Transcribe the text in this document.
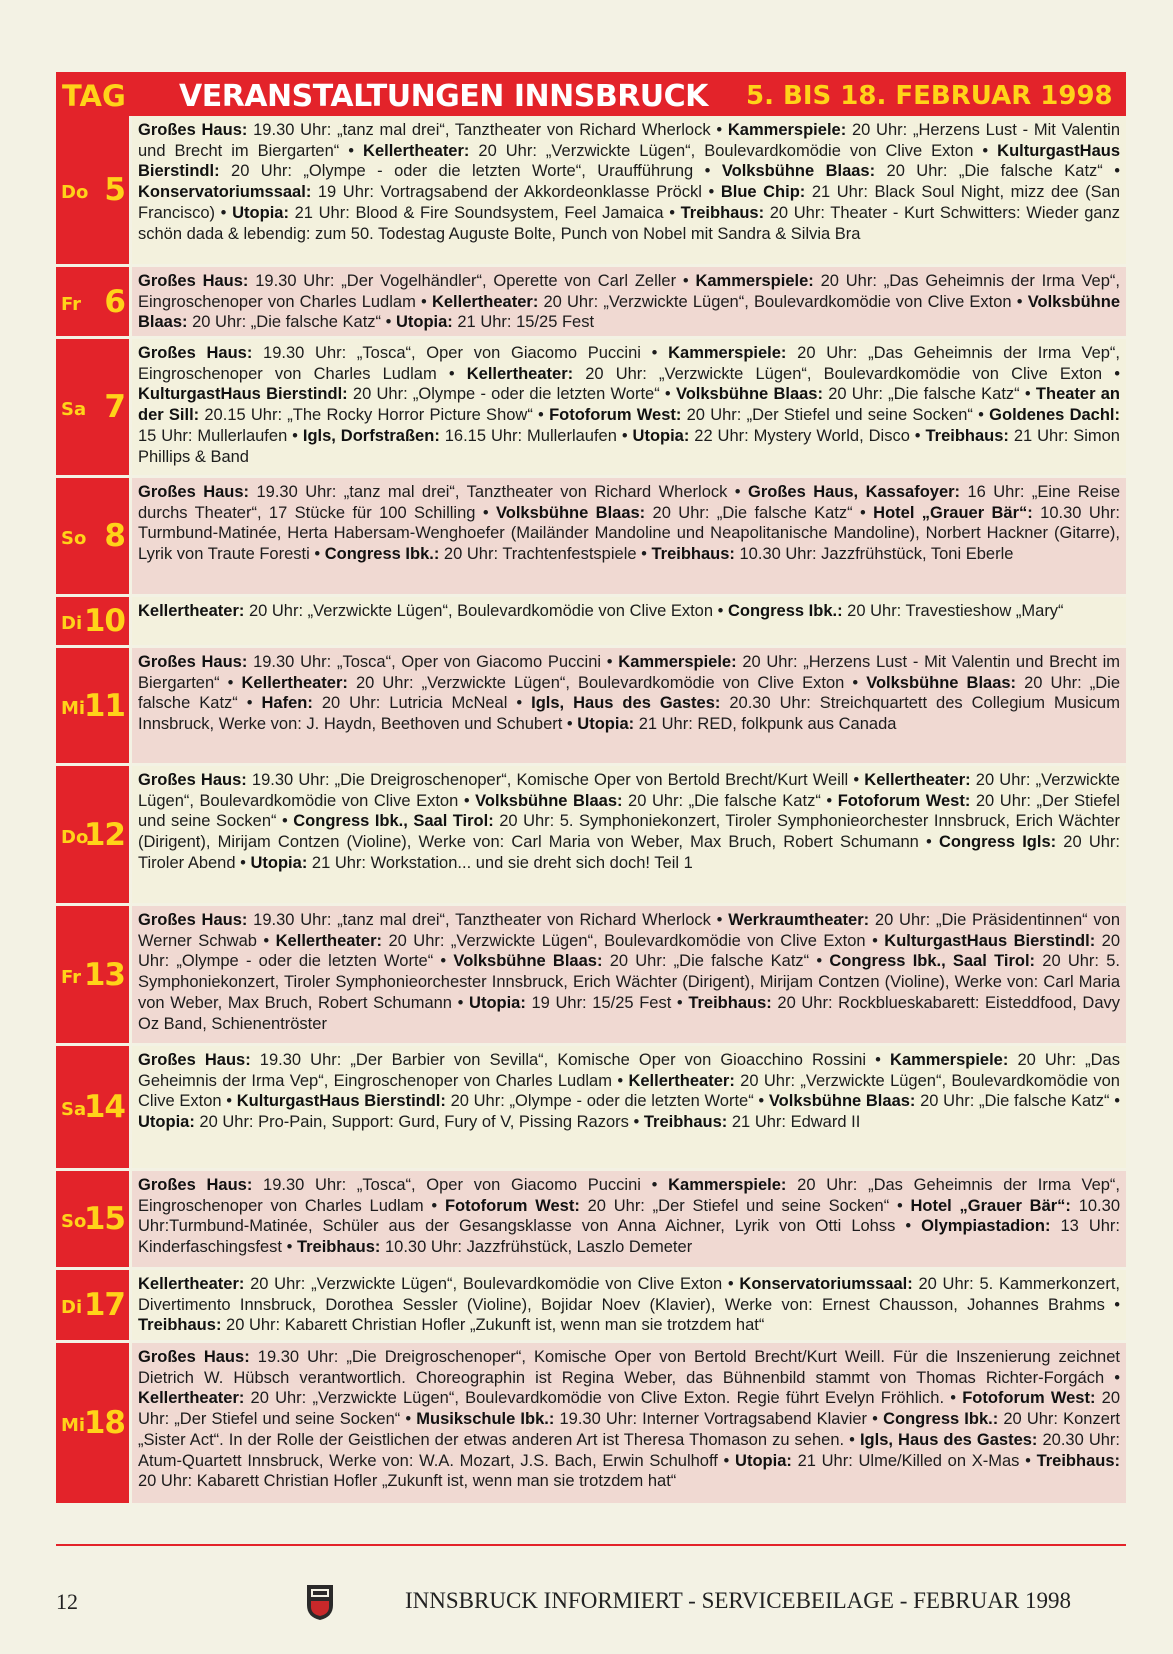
TAG VERANSTALTUNGEN INNSBRUCK 5. BIS 18. FEBRUAR 1998
Do 5
Großes Haus: 19.30 Uhr: „tanz mal drei“, Tanztheater von Richard Wherlock • Kammerspiele: 20 Uhr: „Herzens Lust - Mit Valentin und Brecht im Biergarten“ • Kellertheater: 20 Uhr: „Verzwickte Lügen“, Boulevardkomödie von Clive Exton • KulturgastHaus Bierstindl: 20 Uhr: „Olympe - oder die letzten Worte“, Uraufführung • Volksbühne Blaas: 20 Uhr: „Die falsche Katz“ • Konservatoriumssaal: 19 Uhr: Vortragsabend der Akkordeonklasse Pröckl • Blue Chip: 21 Uhr: Black Soul Night, mizz dee (San Francisco) • Utopia: 21 Uhr: Blood & Fire Soundsystem, Feel Jamaica • Treibhaus: 20 Uhr: Theater - Kurt Schwitters: Wieder ganz schön dada & lebendig: zum 50. Todestag Auguste Bolte, Punch von Nobel mit Sandra & Silvia Bra
Fr 6
Großes Haus: 19.30 Uhr: „Der Vogelhändler“, Operette von Carl Zeller • Kammerspiele: 20 Uhr: „Das Geheimnis der Irma Vep“, Eingroschenoper von Charles Ludlam • Kellertheater: 20 Uhr: „Verzwickte Lügen“, Boulevardkomödie von Clive Exton • Volksbühne Blaas: 20 Uhr: „Die falsche Katz“ • Utopia: 21 Uhr: 15/25 Fest
Sa 7
Großes Haus: 19.30 Uhr: „Tosca“, Oper von Giacomo Puccini • Kammerspiele: 20 Uhr: „Das Geheimnis der Irma Vep“, Eingroschenoper von Charles Ludlam • Kellertheater: 20 Uhr: „Verzwickte Lügen“, Boulevardkomödie von Clive Exton • KulturgastHaus Bierstindl: 20 Uhr: „Olympe - oder die letzten Worte“ • Volksbühne Blaas: 20 Uhr: „Die falsche Katz“ • Theater an der Sill: 20.15 Uhr: „The Rocky Horror Picture Show“ • Fotoforum West: 20 Uhr: „Der Stiefel und seine Socken“ • Goldenes Dachl: 15 Uhr: Mullerlaufen • Igls, Dorfstraßen: 16.15 Uhr: Mullerlaufen • Utopia: 22 Uhr: Mystery World, Disco • Treibhaus: 21 Uhr: Simon Phillips & Band
So 8
Großes Haus: 19.30 Uhr: „tanz mal drei“, Tanztheater von Richard Wherlock • Großes Haus, Kassafoyer: 16 Uhr: „Eine Reise durchs Theater“, 17 Stücke für 100 Schilling • Volksbühne Blaas: 20 Uhr: „Die falsche Katz“ • Hotel „Grauer Bär“: 10.30 Uhr: Turmbund-Matinée, Herta Habersam-Wenghoefer (Mailänder Mandoline und Neapolitanische Mandoline), Norbert Hackner (Gitarre), Lyrik von Traute Foresti • Congress Ibk.: 20 Uhr: Trachtenfestspiele • Treibhaus: 10.30 Uhr: Jazzfrühstück, Toni Eberle
Di 10 Kellertheater: 20 Uhr: „Verzwickte Lügen“, Boulevardkomödie von Clive Exton • Congress Ibk.: 20 Uhr: Travestieshow „Mary“
Mi
11
Großes Haus: 19.30 Uhr: „Tosca“, Oper von Giacomo Puccini • Kammerspiele: 20 Uhr: „Herzens Lust - Mit Valentin und Brecht im Biergarten“ • Kellertheater: 20 Uhr: „Verzwickte Lügen“, Boulevardkomödie von Clive Exton • Volksbühne Blaas: 20 Uhr: „Die falsche Katz“ • Hafen: 20 Uhr: Lutricia McNeal • Igls, Haus des Gastes: 20.30 Uhr: Streichquartett des Collegium Musicum Innsbruck, Werke von: J. Haydn, Beethoven und Schubert • Utopia: 21 Uhr: RED, folkpunk aus Canada
Do
12
Großes Haus: 19.30 Uhr: „Die Dreigroschenoper“, Komische Oper von Bertold Brecht/Kurt Weill • Kellertheater: 20 Uhr: „Verzwickte Lügen“, Boulevardkomödie von Clive Exton • Volksbühne Blaas: 20 Uhr: „Die falsche Katz“ • Fotoforum West: 20 Uhr: „Der Stiefel und seine Socken“ • Congress Ibk., Saal Tirol: 20 Uhr: 5. Symphoniekonzert, Tiroler Symphonieorchester Innsbruck, Erich Wächter (Dirigent), Mirijam Contzen (Violine), Werke von: Carl Maria von Weber, Max Bruch, Robert Schumann • Congress Igls: 20 Uhr: Tiroler Abend • Utopia: 21 Uhr: Workstation... und sie dreht sich doch! Teil 1
Fr 13
Großes Haus: 19.30 Uhr: „tanz mal drei“, Tanztheater von Richard Wherlock • Werkraumtheater: 20 Uhr: „Die Präsidentinnen“ von Werner Schwab • Kellertheater: 20 Uhr: „Verzwickte Lügen“, Boulevardkomödie von Clive Exton • KulturgastHaus Bierstindl: 20 Uhr: „Olympe - oder die letzten Worte“ • Volksbühne Blaas: 20 Uhr: „Die falsche Katz“ • Congress Ibk., Saal Tirol: 20 Uhr: 5. Symphoniekonzert, Tiroler Symphonieorchester Innsbruck, Erich Wächter (Dirigent), Mirijam Contzen (Violine), Werke von: Carl Maria von Weber, Max Bruch, Robert Schumann • Utopia: 19 Uhr: 15/25 Fest • Treibhaus: 20 Uhr: Rockblueskabarett: Eisteddfood, Davy Oz Band, Schienentröster
Sa
14
Großes Haus: 19.30 Uhr: „Der Barbier von Sevilla“, Komische Oper von Gioacchino Rossini • Kammerspiele: 20 Uhr: „Das Geheimnis der Irma Vep“, Eingroschenoper von Charles Ludlam • Kellertheater: 20 Uhr: „Verzwickte Lügen“, Boulevardkomödie von Clive Exton • KulturgastHaus Bierstindl: 20 Uhr: „Olympe - oder die letzten Worte“ • Volksbühne Blaas: 20 Uhr: „Die falsche Katz“ • Utopia: 20 Uhr: Pro-Pain, Support: Gurd, Fury of V, Pissing Razors • Treibhaus: 21 Uhr: Edward II
So
15
Großes Haus: 19.30 Uhr: „Tosca“, Oper von Giacomo Puccini • Kammerspiele: 20 Uhr: „Das Geheimnis der Irma Vep“, Eingroschenoper von Charles Ludlam • Fotoforum West: 20 Uhr: „Der Stiefel und seine Socken“ • Hotel „Grauer Bär“: 10.30 Uhr:Turmbund-Matinée, Schüler aus der Gesangsklasse von Anna Aichner, Lyrik von Otti Lohss • Olympiastadion: 13 Uhr: Kinderfaschingsfest • Treibhaus: 10.30 Uhr: Jazzfrühstück, Laszlo Demeter
Di 17
Kellertheater: 20 Uhr: „Verzwickte Lügen“, Boulevardkomödie von Clive Exton • Konservatoriumssaal: 20 Uhr: 5. Kammerkonzert, Divertimento Innsbruck, Dorothea Sessler (Violine), Bojidar Noev (Klavier), Werke von: Ernest Chausson, Johannes Brahms • Treibhaus: 20 Uhr: Kabarett Christian Hofler „Zukunft ist, wenn man sie trotzdem hat“
Mi
18
Großes Haus: 19.30 Uhr: „Die Dreigroschenoper“, Komische Oper von Bertold Brecht/Kurt Weill. Für die Inszenierung zeichnet Dietrich W. Hübsch verantwortlich. Choreographin ist Regina Weber, das Bühnenbild stammt von Thomas Richter-Forgách • Kellertheater: 20 Uhr: „Verzwickte Lügen“, Boulevardkomödie von Clive Exton. Regie führt Evelyn Fröhlich. • Fotoforum West: 20 Uhr: „Der Stiefel und seine Socken“ • Musikschule Ibk.: 19.30 Uhr: Interner Vortragsabend Klavier • Congress Ibk.: 20 Uhr: Konzert „Sister Act“. In der Rolle der Geistlichen der etwas anderen Art ist Theresa Thomason zu sehen. • Igls, Haus des Gastes: 20.30 Uhr: Atum-Quartett Innsbruck, Werke von: W.A. Mozart, J.S. Bach, Erwin Schulhoff • Utopia: 21 Uhr: Ulme/Killed on X-Mas • Treibhaus: 20 Uhr: Kabarett Christian Hofler „Zukunft ist, wenn man sie trotzdem hat“
12	INNSBRUCK INFORMIERT - SERVICEBEILAGE - FEBRUAR 1998
